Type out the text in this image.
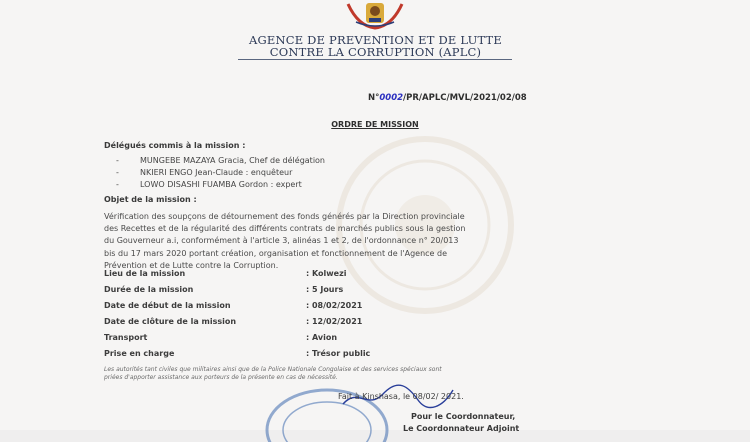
AGENCE DE PREVENTION ET DE LUTTE
CONTRE LA CORRUPTION (APLC)
N°0002/PR/APLC/MVL/2021/02/08
ORDRE DE MISSION
Délégués commis à la mission :
-	MUNGEBE MAZAYA Gracia, Chef de délégation
-	NKIERI ENGO Jean-Claude : enquêteur
-	LOWO DISASHI FUAMBA Gordon : expert
Objet de la mission :
Vérification des soupçons de détournement des fonds générés par la Direction provinciale
des Recettes et de la régularité des différents contrats de marchés publics sous la gestion
du Gouverneur a.i, conformément à l'article 3, alinéas 1 et 2, de l'ordonnance n° 20/013
bis du 17 mars 2020 portant création, organisation et fonctionnement de l'Agence de
Prévention et de Lutte contre la Corruption.
Lieu de la mission	: Kolwezi
Durée de la mission	: 5 Jours
Date de début de la mission	: 08/02/2021
Date de clôture de la mission	: 12/02/2021
Transport	: Avion
Prise en charge	: Trésor public
Les autorités tant civiles que militaires ainsi que de la Police Nationale Congolaise et des services spéciaux sont
priées d'apporter assistance aux porteurs de la présente en cas de nécessité.
Fait à Kinshasa, le 08/02/ 2021.
Pour le Coordonnateur,
Le Coordonnateur Adjoint
